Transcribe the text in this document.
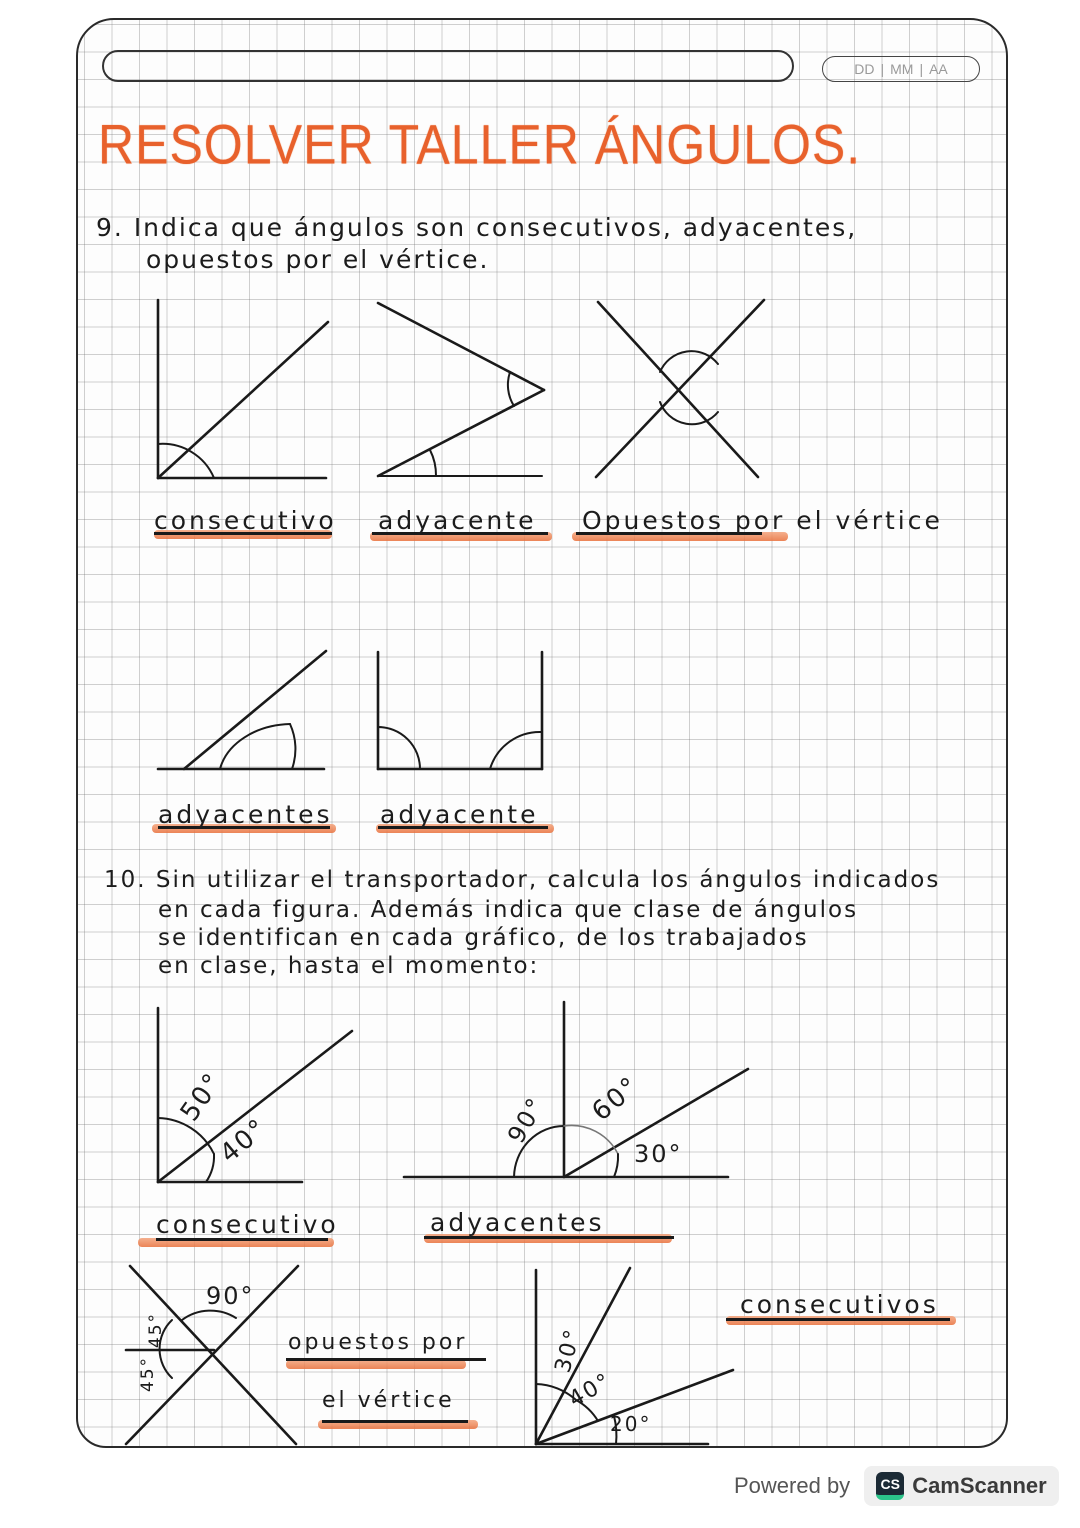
DD | MM | AA
RESOLVER TALLER ÁNGULOS.
9. Indica que ángulos son consecutivos, adyacentes,
opuestos por el vértice.
consecutivo adyacente Opuestos por el vértice
adyacentes adyacente
10. Sin utilizar el transportador, calcula los ángulos indicados
en cada figura. Además indica que clase de ángulos
se identifican en cada gráfico, de los trabajados
en clase, hasta el momento:
50°
40°
consecutivo
90° 60°
30°
adyacentes
90°
45°
45°
opuestos por
el vértice
30°
40°
20°
consecutivos
Powered by	CS CamScanner
